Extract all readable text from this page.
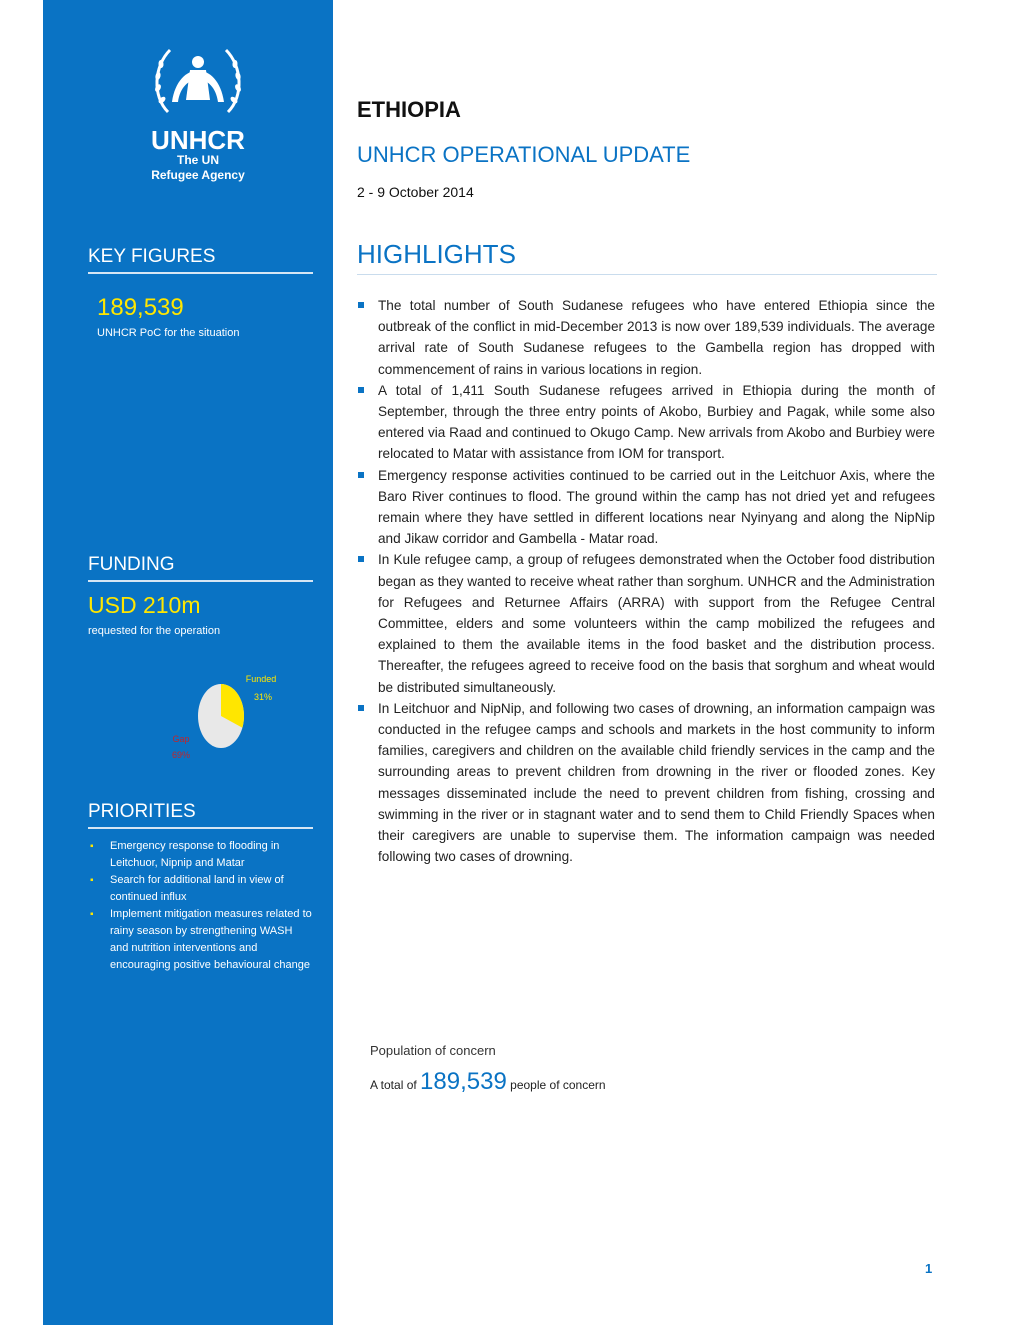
UNHCR
The UN
Refugee Agency
KEY FIGURES
189,539
UNHCR PoC for the situation
FUNDING
USD 210m
requested for the operation
Funded
31%
Gap
69%
PRIORITIES
▪ Emergency response to flooding in Leitchuor, Nipnip and Matar
▪ Search for additional land in view of continued influx
▪ Implement mitigation measures related to rainy season by strengthening WASH and nutrition interventions and encouraging positive behavioural change
ETHIOPIA
UNHCR OPERATIONAL UPDATE
2 - 9 October 2014
HIGHLIGHTS
The total number of South Sudanese refugees who have entered Ethiopia since the outbreak of the conflict in mid-December 2013 is now over 189,539 individuals. The average arrival rate of South Sudanese refugees to the Gambella region has dropped with commencement of rains in various locations in region.
A total of 1,411 South Sudanese refugees arrived in Ethiopia during the month of September, through the three entry points of Akobo, Burbiey and Pagak, while some also entered via Raad and continued to Okugo Camp. New arrivals from Akobo and Burbiey were relocated to Matar with assistance from IOM for transport.
Emergency response activities continued to be carried out in the Leitchuor Axis, where the Baro River continues to flood. The ground within the camp has not dried yet and refugees remain where they have settled in different locations near Nyinyang and along the NipNip and Jikaw corridor and Gambella - Matar road.
In Kule refugee camp, a group of refugees demonstrated when the October food distribution began as they wanted to receive wheat rather than sorghum. UNHCR and the Administration for Refugees and Returnee Affairs (ARRA) with support from the Refugee Central Committee, elders and some volunteers within the camp mobilized the refugees and explained to them the available items in the food basket and the distribution process. Thereafter, the refugees agreed to receive food on the basis that sorghum and wheat would be distributed simultaneously.
In Leitchuor and NipNip, and following two cases of drowning, an information campaign was conducted in the refugee camps and schools and markets in the host community to inform families, caregivers and children on the available child friendly services in the camp and the surrounding areas to prevent children from drowning in the river or flooded zones. Key messages disseminated include the need to prevent children from fishing, crossing and swimming in the river or in stagnant water and to send them to Child Friendly Spaces when their caregivers are unable to supervise them. The information campaign was needed following two cases of drowning.
Population of concern
A total of 189,539 people of concern
1
